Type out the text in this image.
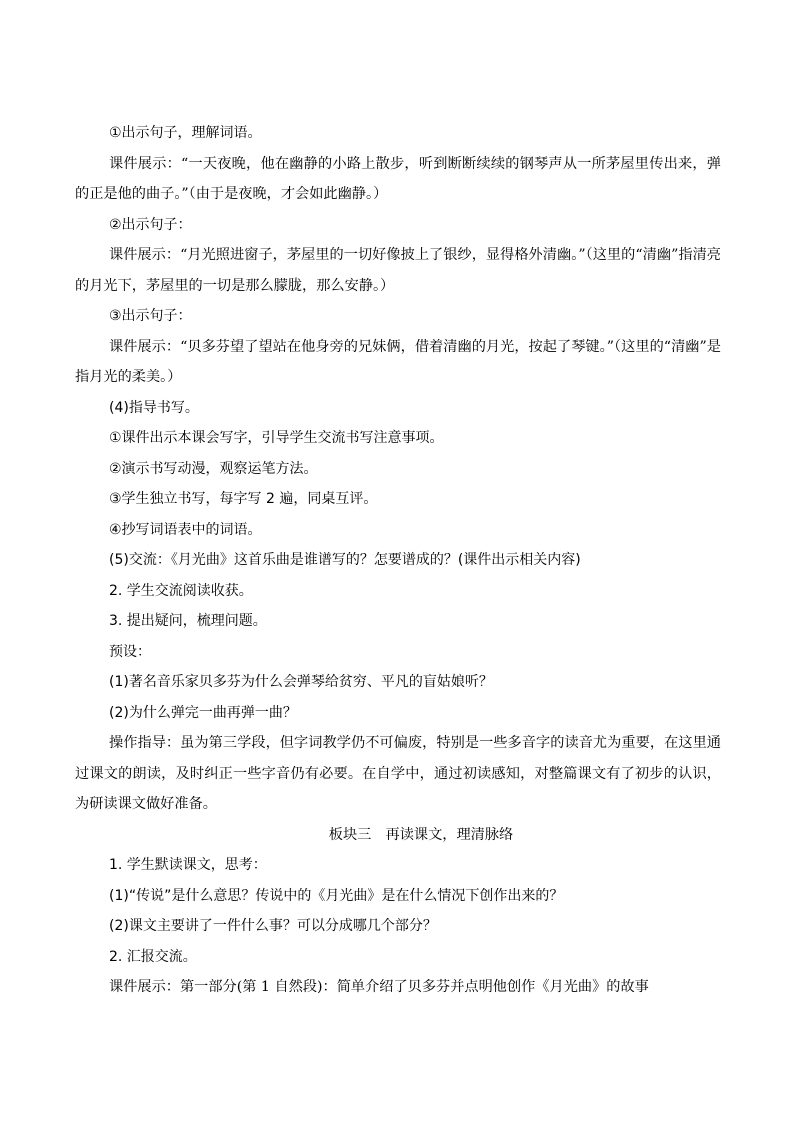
①出示句子，理解词语。

课件展示：“一天夜晚，他在幽静的小路上散步，听到断断续续的钢琴声从一所茅屋里传出来，弹的正是他的曲子。”（由于是夜晚，才会如此幽静。）

②出示句子：

课件展示：“月光照进窗子，茅屋里的一切好像披上了银纱，显得格外清幽。”（这里的“清幽”指清亮的月光下，茅屋里的一切是那么朦胧，那么安静。）

③出示句子：

课件展示：“贝多芬望了望站在他身旁的兄妹俩，借着清幽的月光，按起了琴键。”（这里的“清幽”是指月光的柔美。）

(4)指导书写。

①课件出示本课会写字，引导学生交流书写注意事项。

②演示书写动漫，观察运笔方法。

③学生独立书写，每字写 2 遍，同桌互评。

④抄写词语表中的词语。

(5)交流：《月光曲》这首乐曲是谁谱写的？怎要谱成的？(课件出示相关内容)

2. 学生交流阅读收获。

3. 提出疑问，梳理问题。

预设：

(1)著名音乐家贝多芬为什么会弹琴给贫穷、平凡的盲姑娘听？

(2)为什么弹完一曲再弹一曲？

操作指导：虽为第三学段，但字词教学仍不可偏废，特别是一些多音字的读音尤为重要，在这里通过课文的朗读，及时纠正一些字音仍有必要。在自学中，通过初读感知，对整篇课文有了初步的认识，为研读课文做好准备。

板块三　再读课文，理清脉络

1. 学生默读课文，思考：

(1)“传说”是什么意思？传说中的《月光曲》是在什么情况下创作出来的？

(2)课文主要讲了一件什么事？可以分成哪几个部分？

2. 汇报交流。

课件展示：第一部分(第 1 自然段)：简单介绍了贝多芬并点明他创作《月光曲》的故事
